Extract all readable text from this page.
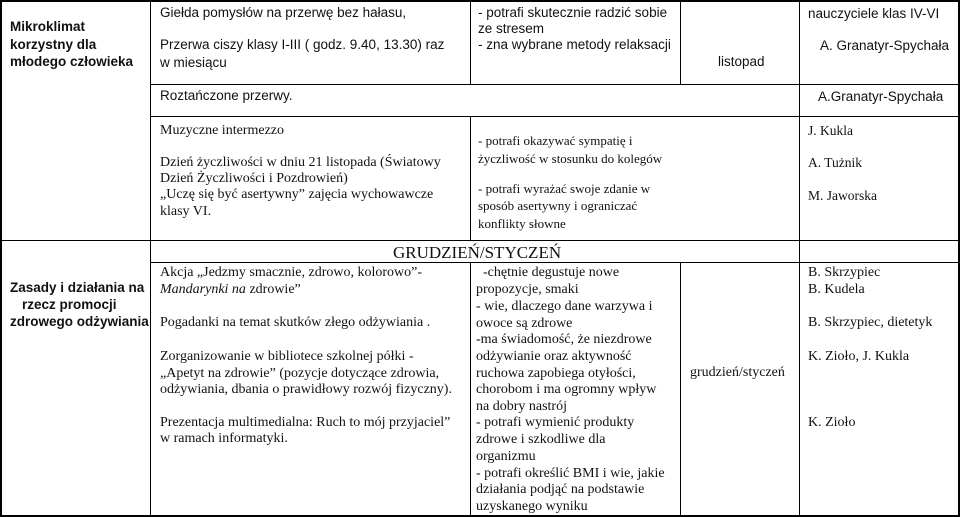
Mikroklimat
korzystny dla
młodego człowieka
Giełda pomysłów na przerwę bez hałasu,
Przerwa ciszy klasy I-III ( godz. 9.40, 13.30) raz
w miesiącu
- potrafi skutecznie radzić sobie
ze stresem
- zna wybrane metody relaksacji
listopad
nauczyciele klas IV-VI
A. Granatyr-Spychała
Roztańczone przerwy.	A.Granatyr-Spychała
Muzyczne intermezzo
Dzień życzliwości w dniu 21 listopada (Światowy
Dzień Życzliwości i Pozdrowień)
„Uczę się być asertywny” zajęcia wychowawcze
klasy VI.
- potrafi okazywać sympatię i
życzliwość w stosunku do kolegów
- potrafi wyrażać swoje zdanie w
sposób asertywny i ograniczać
konflikty słowne
J. Kukla
A. Tużnik
M. Jaworska
GRUDZIEŃ/STYCZEŃ
Zasady i działania na
rzecz promocji
zdrowego odżywiania
Akcja „Jedzmy smacznie, zdrowo, kolorowo”-
Mandarynki na zdrowie”
Pogadanki na temat skutków złego odżywiania .
Zorganizowanie w bibliotece szkolnej półki -
„Apetyt na zdrowie” (pozycje dotyczące zdrowia,
odżywiania, dbania o prawidłowy rozwój fizyczny).
Prezentacja multimedialna: Ruch to mój przyjaciel”
w ramach informatyki.
-chętnie degustuje nowe
propozycje, smaki
- wie, dlaczego dane warzywa i
owoce są zdrowe
-ma świadomość, że niezdrowe
odżywianie oraz aktywność
ruchowa zapobiega otyłości,
chorobom i ma ogromny wpływ
na dobry nastrój
- potrafi wymienić produkty
zdrowe i szkodliwe dla
organizmu
- potrafi określić BMI i wie, jakie
działania podjąć na podstawie
uzyskanego wyniku
grudzień/styczeń
B. Skrzypiec
B. Kudela
B. Skrzypiec, dietetyk
K. Zioło, J. Kukla
K. Zioło
